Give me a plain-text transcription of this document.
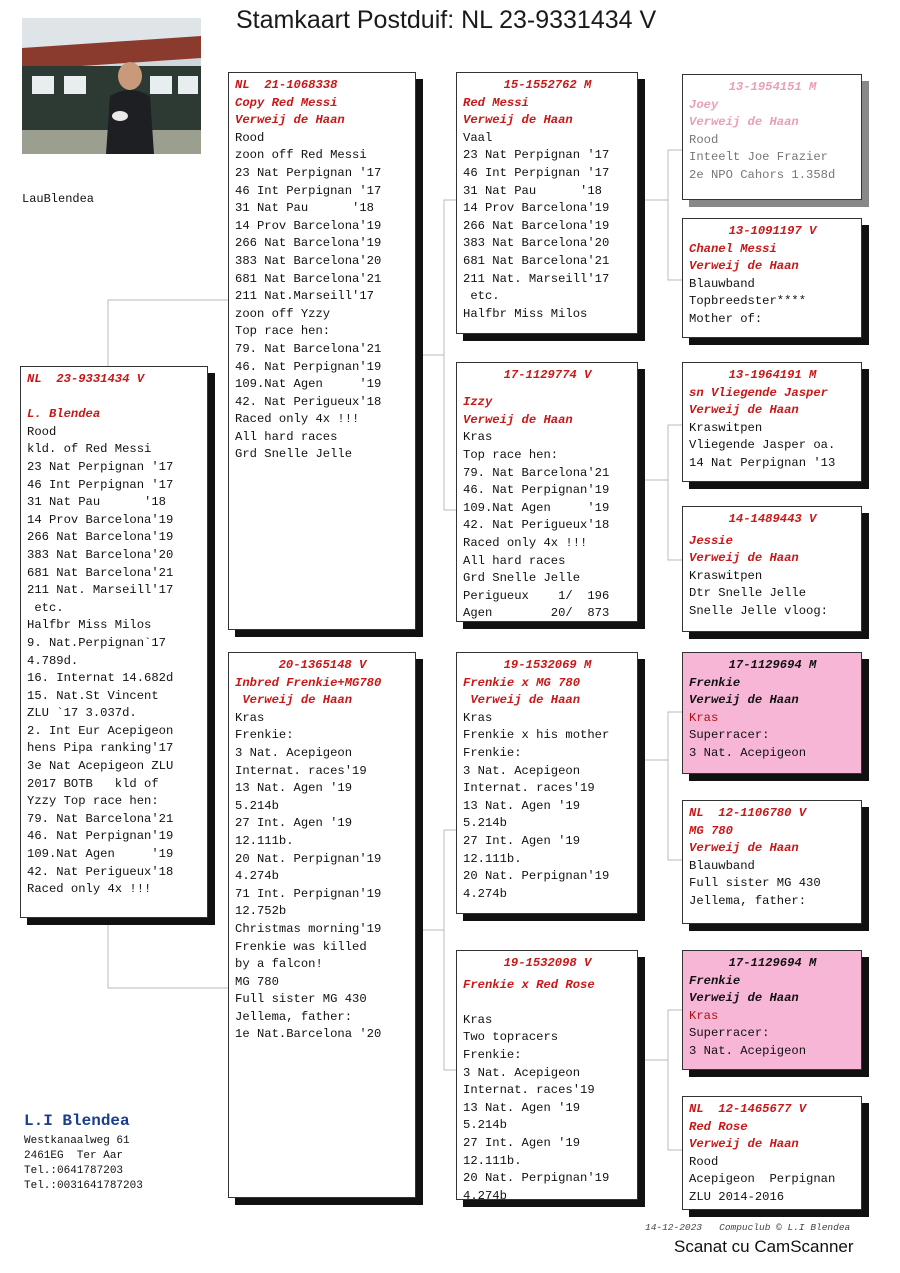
Stamkaart Postduif: NL 23-9331434 V
LauBlendea
NL  23-9331434 V
L. Blendea
Rood
kld. of Red Messi
23 Nat Perpignan '17
46 Int Perpignan '17
31 Nat Pau      '18
14 Prov Barcelona'19
266 Nat Barcelona'19
383 Nat Barcelona'20
681 Nat Barcelona'21
211 Nat. Marseill'17
etc.
Halfbr Miss Milos
9. Nat.Perpignan`17
4.789d.
16. Internat 14.682d
15. Nat.St Vincent
ZLU `17 3.037d.
2. Int Eur Acepigeon
hens Pipa ranking'17
3e Nat Acepigeon ZLU
2017 BOTB   kld of
Yzzy Top race hen:
79. Nat Barcelona'21
46. Nat Perpignan'19
109.Nat Agen     '19
42. Nat Perigueux'18
Raced only 4x !!!
NL  21-1068338
Copy Red Messi
Verweij de Haan
Rood
zoon off Red Messi
23 Nat Perpignan '17
46 Int Perpignan '17
31 Nat Pau      '18
14 Prov Barcelona'19
266 Nat Barcelona'19
383 Nat Barcelona'20
681 Nat Barcelona'21
211 Nat.Marseill'17
zoon off Yzzy
Top race hen:
79. Nat Barcelona'21
46. Nat Perpignan'19
109.Nat Agen     '19
42. Nat Perigueux'18
Raced only 4x !!!
All hard races
Grd Snelle Jelle
20-1365148 V
Inbred Frenkie+MG780
Verweij de Haan
Kras
Frenkie:
3 Nat. Acepigeon
Internat. races'19
13 Nat. Agen '19
5.214b
27 Int. Agen '19
12.111b.
20 Nat. Perpignan'19
4.274b
71 Int. Perpignan'19
12.752b
Christmas morning'19
Frenkie was killed
by a falcon!
MG 780
Full sister MG 430
Jellema, father:
1e Nat.Barcelona '20
15-1552762 M
Red Messi
Verweij de Haan
Vaal
23 Nat Perpignan '17
46 Int Perpignan '17
31 Nat Pau      '18
14 Prov Barcelona'19
266 Nat Barcelona'19
383 Nat Barcelona'20
681 Nat Barcelona'21
211 Nat. Marseill'17
etc.
Halfbr Miss Milos
17-1129774 V
Izzy
Verweij de Haan
Kras
Top race hen:
79. Nat Barcelona'21
46. Nat Perpignan'19
109.Nat Agen     '19
42. Nat Perigueux'18
Raced only 4x !!!
All hard races
Grd Snelle Jelle
Perigueux    1/  196
Agen        20/  873
19-1532069 M
Frenkie x MG 780
Verweij de Haan
Kras
Frenkie x his mother
Frenkie:
3 Nat. Acepigeon
Internat. races'19
13 Nat. Agen '19
5.214b
27 Int. Agen '19
12.111b.
20 Nat. Perpignan'19
4.274b
19-1532098 V
Frenkie x Red Rose
Kras
Two topracers
Frenkie:
3 Nat. Acepigeon
Internat. races'19
13 Nat. Agen '19
5.214b
27 Int. Agen '19
12.111b.
20 Nat. Perpignan'19
4.274b
13-1954151 M
Joey
Verweij de Haan
Rood
Inteelt Joe Frazier
2e NPO Cahors 1.358d
13-1091197 V
Chanel Messi
Verweij de Haan
Blauwband
Topbreedster****
Mother of:
13-1964191 M
sn Vliegende Jasper
Verweij de Haan
Kraswitpen
Vliegende Jasper oa.
14 Nat Perpignan '13
14-1489443 V
Jessie
Verweij de Haan
Kraswitpen
Dtr Snelle Jelle
Snelle Jelle vloog:
17-1129694 M
Frenkie
Verweij de Haan
Kras
Superracer:
3 Nat. Acepigeon
NL  12-1106780 V
MG 780
Verweij de Haan
Blauwband
Full sister MG 430
Jellema, father:
17-1129694 M
Frenkie
Verweij de Haan
Kras
Superracer:
3 Nat. Acepigeon
NL  12-1465677 V
Red Rose
Verweij de Haan
Rood
Acepigeon  Perpignan
ZLU 2014-2016
L.I Blendea
Westkanaalweg 61
2461EG  Ter Aar
Tel.:0641787203
Tel.:0031641787203
14-12-2023   Compuclub © L.I Blendea
Scanat cu CamScanner
